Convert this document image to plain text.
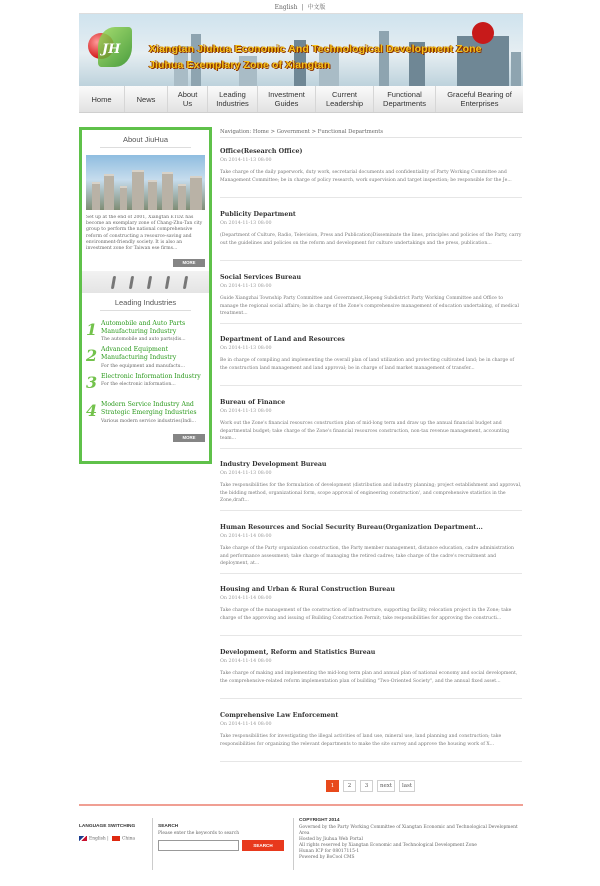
English | 中文版
JH	Xiangtan Jiuhua Economic And Technological Development Zone
Jiuhua Exemplary Zone of Xiangtan
Home	News	About Us
Leading Industries
Investment Guides
Current Leadership
Functional Departments
Graceful Bearing of Enterprises
About JiuHua
Set up at the end of 2001, Xiangtan ETDZ has become an exemplary zone of Chang-Zhu-Tan city group to perform the national comprehensive reform of constructing a resource-saving and environment-friendly society. It is also an investment zone for Taiwan ese firms...
MORE
Leading Industries
1 Automobile and Auto Parts Manufacturing Industry
The automobile and auto parts(dis...
2 Advanced Equipment Manufacturing Industry
For the equipment and manufactu...
3 Electronic Information Industry
For the electronic information...
4 Modern Service Industry And Strategic Emerging Industries
Various modern service industries(Indi...
MORE
Navigation: Home > Government > Functional Departments
Office(Research Office)
On 2014-11-13 08:00
Take charge of the daily paperwork, duty work, secretarial documents and confidentiality of Party Working Committee and Management Committee; be in charge of policy research, work supervision and target inspection; be responsible for the Je...
Publicity Department
On 2014-11-13 08:00
(Department of Culture, Radio, Television, Press and Publication)Disseminate the lines, principles and policies of the Party, carry out the guidelines and policies on the reform and development for culture undertakings and the press, publication...
Social Services Bureau
On 2014-11-13 08:00
Guide Xiangzhai Township Party Committee and Government,Hepeng Subdistrict Party Working Committee and Office to manage the regional social affairs; be in charge of the Zone's comprehensive management of education undertaking, of medical treatment...
Department of Land and Resources
On 2014-11-13 08:00
Be in charge of compiling and implementing the overall plan of land utilization and protecting cultivated land; be in charge of the construction land management and land approval; be in charge of land market management of transfer...
Bureau of Finance
On 2014-11-13 08:00
Work out the Zone's financial resources construction plan of mid-long term and draw up the annual financial budget and departmental budget; take charge of the Zone's financial resources construction, non-tax revenue management, accounting team...
Industry Development Bureau
On 2014-11-13 08:00
Take responsibilities for the formulation of development (distribution and industry planning; project establishment and approval, the bidding method, organizational form, scope approval of engineering construction', and comprehensive statistics in the Zone,draft...
Human Resources and Social Security Bureau(Organization Department...
On 2014-11-14 08:00
Take charge of the Party organization construction, the Party member management, distance education, cadre administration and performance assessment; take charge of managing the retired cadres; take charge of the cadre's recruitment and deployment, at...
Housing and Urban & Rural Construction Bureau
On 2014-11-14 08:00
Take charge of the management of the construction of infrastructure, supporting facility, relocation project in the Zone; take charge of the approving and issuing of Building Construction Permit; take responsibilities for approving the constructi...
Development, Reform and Statistics Bureau
On 2014-11-14 08:00
Take charge of making and implementing the mid-long term plan and annual plan of national economy and social development, the comprehensive-related reform implementation plan of building "Two-Oriented Society", and the annual fixed asset...
Comprehensive Law Enforcement
On 2014-11-14 08:00
Take responsibilities for investigating the illegal activities of land use, mineral use, land planning and construction; take responsibilities for organizing the relevant departments to make the site survey and approve the housing work of X...
1	2	3	next	last
LANGUAGE SWITCHING
English |	China
SEARCH
Please enter the keywords to search
SEARCH
COPYRIGHT 2014
Governed by the Party Working Committee of Xiangtan Economic and Technological Development Area
Hosted by Jiuhua Web Portal
All rights reserved by Xiangtan Economic and Technological Development Zone
Hunan ICP for 08017115-1
Powered by BoCool CMS
